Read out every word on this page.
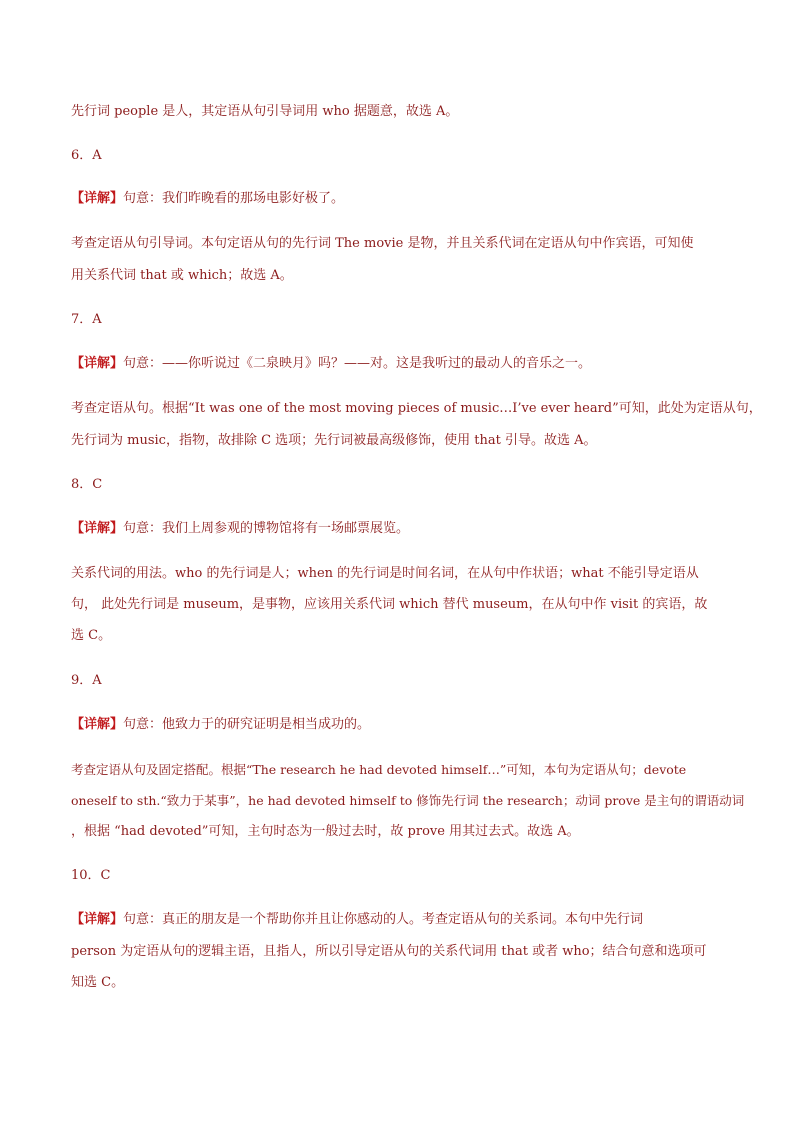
先行词 people 是人，其定语从句引导词用 who 据题意，故选 A。
6．A
【详解】句意：我们昨晚看的那场电影好极了。
考查定语从句引导词。本句定语从句的先行词 The movie 是物，并且关系代词在定语从句中作宾语，可知使
用关系代词 that 或 which；故选 A。
7．A
【详解】句意：——你听说过《二泉映月》吗？——对。这是我听过的最动人的音乐之一。
考查定语从句。根据“It was one of the most moving pieces of music…I’ve ever heard”可知，此处为定语从句，
先行词为 music，指物，故排除 C 选项；先行词被最高级修饰，使用 that 引导。故选 A。
8．C
【详解】句意：我们上周参观的博物馆将有一场邮票展览。
关系代词的用法。who 的先行词是人；when 的先行词是时间名词，在从句中作状语；what 不能引导定语从
句， 此处先行词是 museum，是事物，应该用关系代词 which 替代 museum，在从句中作 visit 的宾语，故
选 C。
9．A
【详解】句意：他致力于的研究证明是相当成功的。
考查定语从句及固定搭配。根据“The research he had devoted himself…”可知，本句为定语从句；devote
oneself to sth.“致力于某事”，he had devoted himself to 修饰先行词 the research；动词 prove 是主句的谓语动词
，根据 “had devoted”可知，主句时态为一般过去时，故 prove 用其过去式。故选 A。
10．C
【详解】句意：真正的朋友是一个帮助你并且让你感动的人。考查定语从句的关系词。本句中先行词
person 为定语从句的逻辑主语，且指人，所以引导定语从句的关系代词用 that 或者 who；结合句意和选项可
知选 C。
